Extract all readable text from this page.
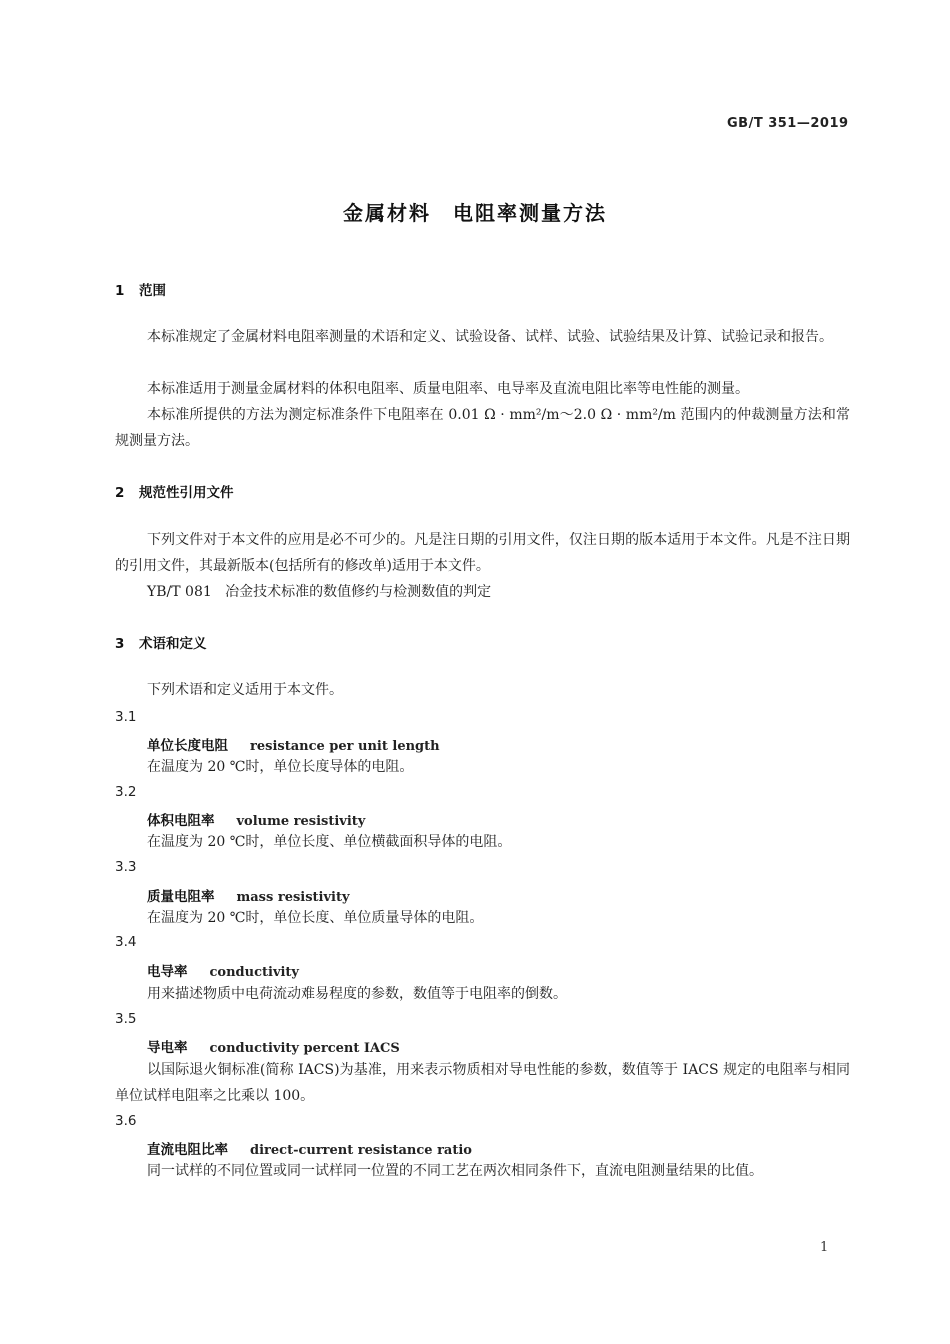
GB/T 351—2019
金属材料　电阻率测量方法
1 范围

本标准规定了金属材料电阻率测量的术语和定义、试验设备、试样、试验、试验结果及计算、试验记录和报告。

本标准适用于测量金属材料的体积电阻率、质量电阻率、电导率及直流电阻比率等电性能的测量。

本标准所提供的方法为测定标准条件下电阻率在 0.01 Ω · mm²/m～2.0 Ω · mm²/m 范围内的仲裁测量方法和常规测量方法。

2 规范性引用文件

下列文件对于本文件的应用是必不可少的。凡是注日期的引用文件，仅注日期的版本适用于本文件。凡是不注日期的引用文件，其最新版本(包括所有的修改单)适用于本文件。

YB/T 081 冶金技术标准的数值修约与检测数值的判定
3 术语和定义
下列术语和定义适用于本文件。
3.1
单位长度电阻 resistance per unit length
在温度为 20 ℃时，单位长度导体的电阻。
3.2
体积电阻率 volume resistivity
在温度为 20 ℃时，单位长度、单位横截面积导体的电阻。
3.3
质量电阻率 mass resistivity
在温度为 20 ℃时，单位长度、单位质量导体的电阻。
3.4
电导率 conductivity
用来描述物质中电荷流动难易程度的参数，数值等于电阻率的倒数。
3.5
导电率 conductivity percent IACS

以国际退火铜标准(简称 IACS)为基准，用来表示物质相对导电性能的参数，数值等于 IACS 规定的电阻率与相同单位试样电阻率之比乘以 100。

3.6
直流电阻比率 direct-current resistance ratio

同一试样的不同位置或同一试样同一位置的不同工艺在两次相同条件下，直流电阻测量结果的比值。

1
